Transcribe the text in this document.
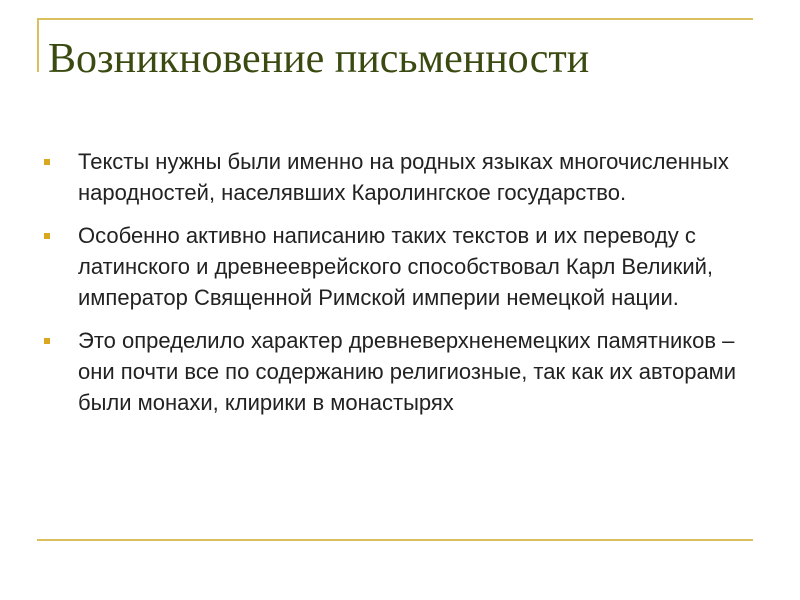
Возникновение письменности
Тексты нужны были именно на родных языках многочисленных народностей, населявших Каролингское государство.
Особенно активно написанию таких текстов и их переводу с латинского и древнееврейского способствовал Карл Великий, император Священной Римской империи немецкой нации.
Это определило характер древневерхненемецких памятников – они почти все по содержанию религиозные, так как их авторами были монахи, клирики в монастырях
